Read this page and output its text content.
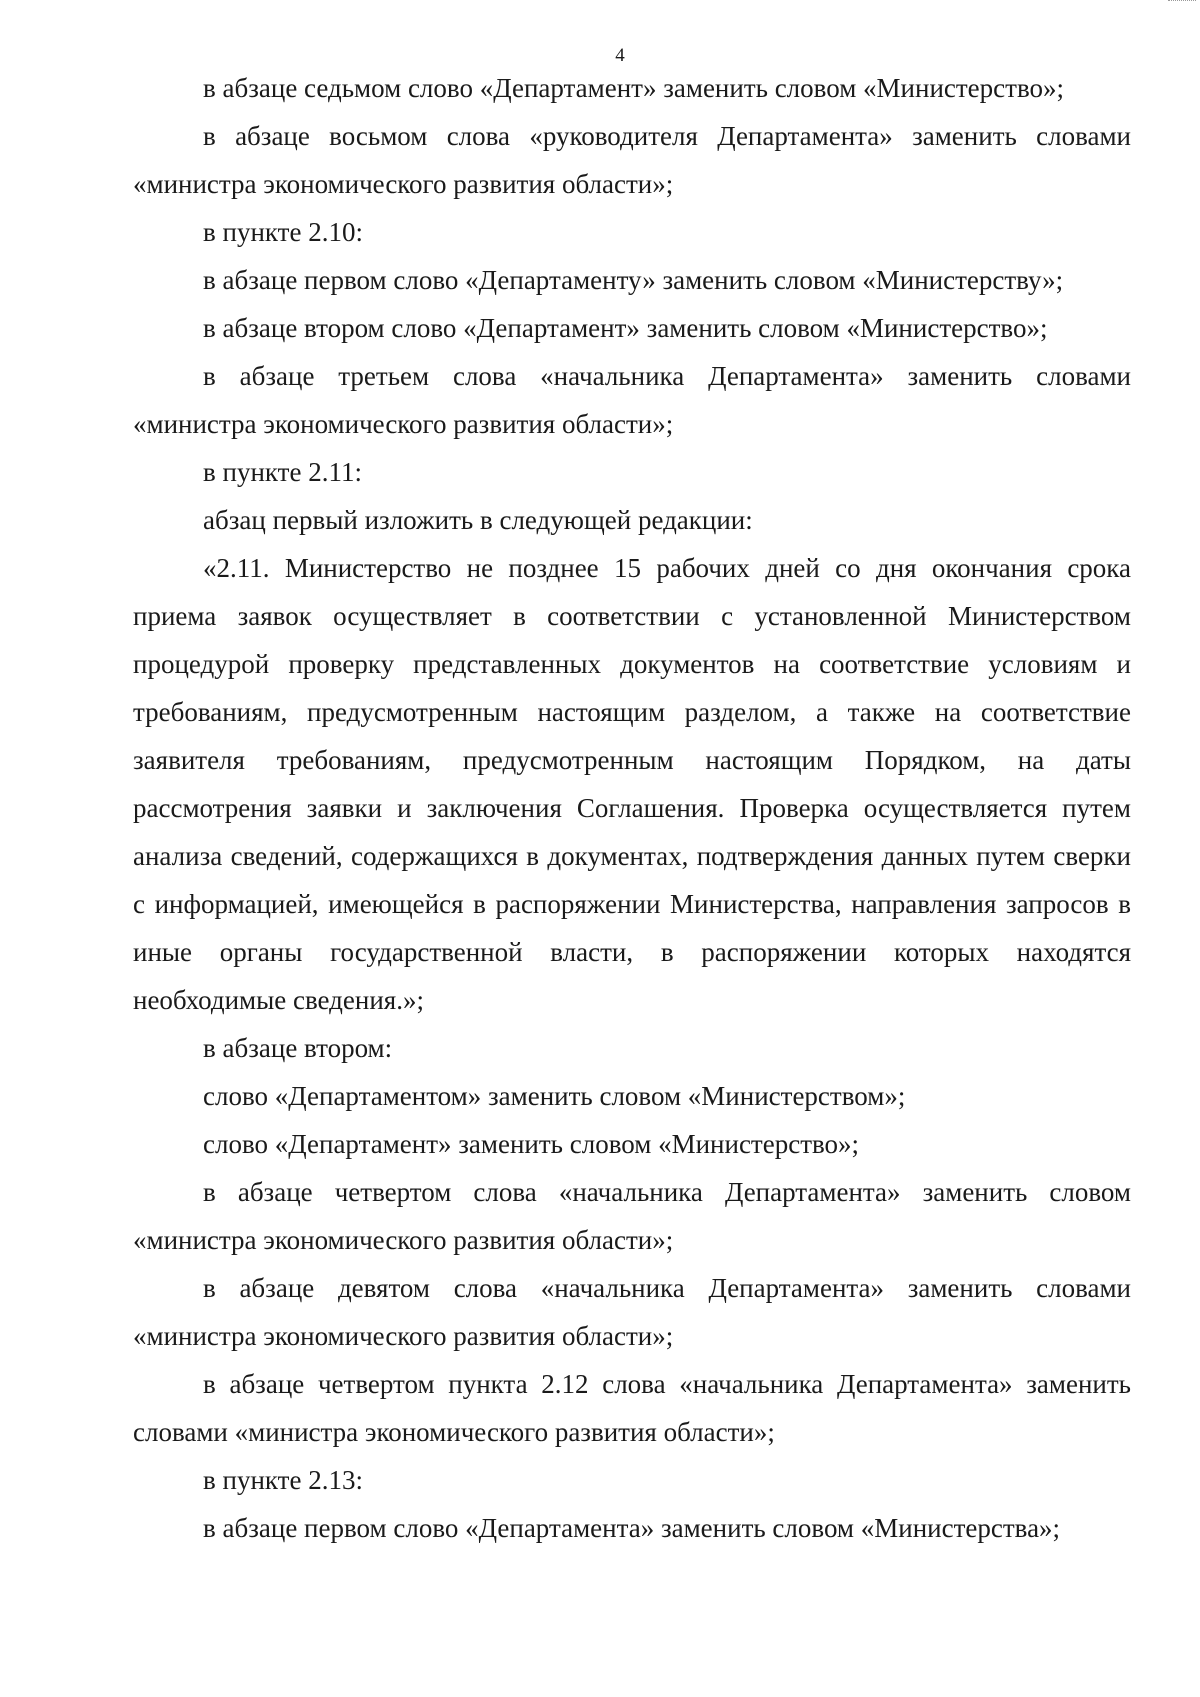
4

в абзаце седьмом слово «Департамент» заменить словом «Министерство»;

в абзаце восьмом слова «руководителя Департамента» заменить словами «министра экономического развития области»;

в пункте 2.10:

в абзаце первом слово «Департаменту» заменить словом «Министерству»;

в абзаце втором слово «Департамент» заменить словом «Министерство»;

в абзаце третьем слова «начальника Департамента» заменить словами «министра экономического развития области»;

в пункте 2.11:

абзац первый изложить в следующей редакции:

«2.11. Министерство не позднее 15 рабочих дней со дня окончания срока приема заявок осуществляет в соответствии с установленной Министерством процедурой проверку представленных документов на соответствие условиям и требованиям, предусмотренным настоящим разделом, а также на соответствие заявителя требованиям, предусмотренным настоящим Порядком, на даты рассмотрения заявки и заключения Соглашения. Проверка осуществляется путем анализа сведений, содержащихся в документах, подтверждения данных путем сверки с информацией, имеющейся в распоряжении Министерства, направления запросов в иные органы государственной власти, в распоряжении которых находятся необходимые сведения.»;

в абзаце втором:

слово «Департаментом» заменить словом «Министерством»;

слово «Департамент» заменить словом «Министерство»;

в абзаце четвертом слова «начальника Департамента» заменить словом «министра экономического развития области»;

в абзаце девятом слова «начальника Департамента» заменить словами «министра экономического развития области»;

в абзаце четвертом пункта 2.12 слова «начальника Департамента» заменить словами «министра экономического развития области»;

в пункте 2.13:

в абзаце первом слово «Департамента» заменить словом «Министерства»;
